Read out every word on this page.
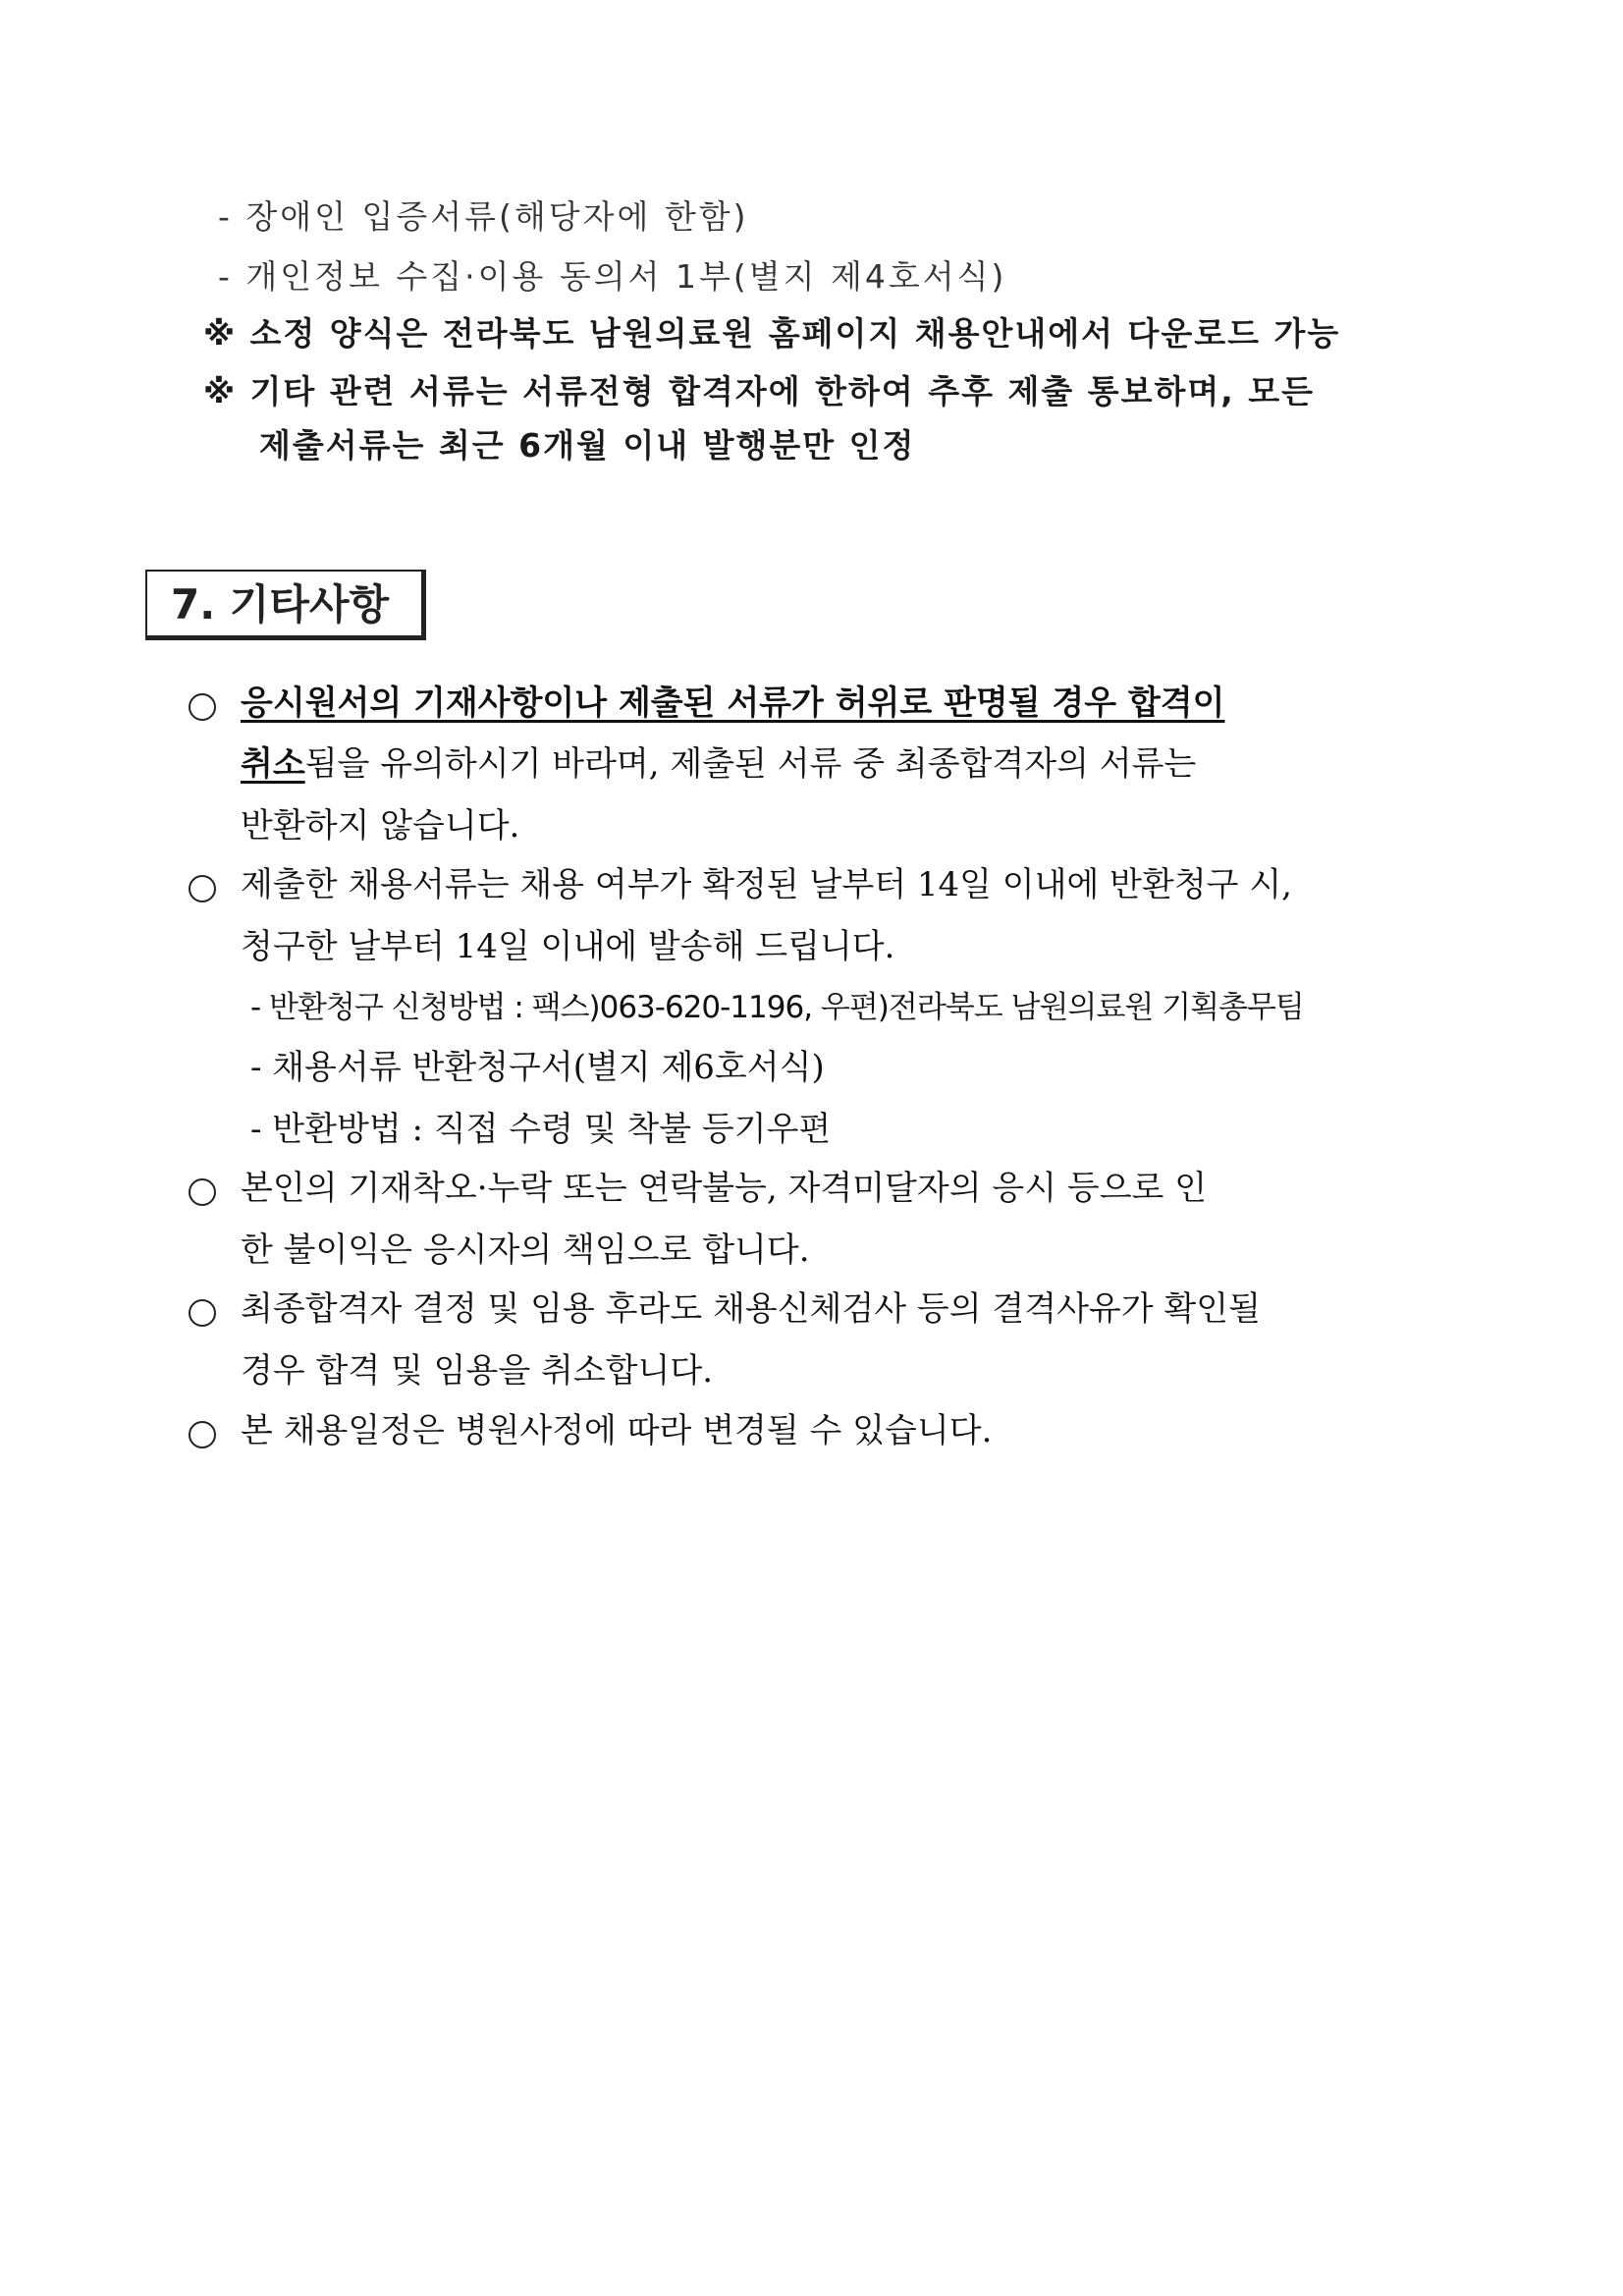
- 장애인 입증서류(해당자에 한함)
- 개인정보 수집·이용 동의서 1부(별지 제4호서식)
※ 소정 양식은 전라북도 남원의료원 홈페이지 채용안내에서 다운로드 가능
※ 기타 관련 서류는 서류전형 합격자에 한하여 추후 제출 통보하며, 모든
제출서류는 최근 6개월 이내 발행분만 인정
7. 기타사항
응시원서의 기재사항이나 제출된 서류가 허위로 판명될 경우 합격이
취소됨을 유의하시기 바라며, 제출된 서류 중 최종합격자의 서류는
반환하지 않습니다.
제출한 채용서류는 채용 여부가 확정된 날부터 14일 이내에 반환청구 시,
청구한 날부터 14일 이내에 발송해 드립니다.
- 반환청구 신청방법 : 팩스)063-620-1196, 우편)전라북도 남원의료원 기획총무팀
- 채용서류 반환청구서(별지 제6호서식)
- 반환방법 : 직접 수령 및 착불 등기우편
본인의 기재착오·누락 또는 연락불능, 자격미달자의 응시 등으로 인
한 불이익은 응시자의 책임으로 합니다.
최종합격자 결정 및 임용 후라도 채용신체검사 등의 결격사유가 확인될
경우 합격 및 임용을 취소합니다.
본 채용일정은 병원사정에 따라 변경될 수 있습니다.
